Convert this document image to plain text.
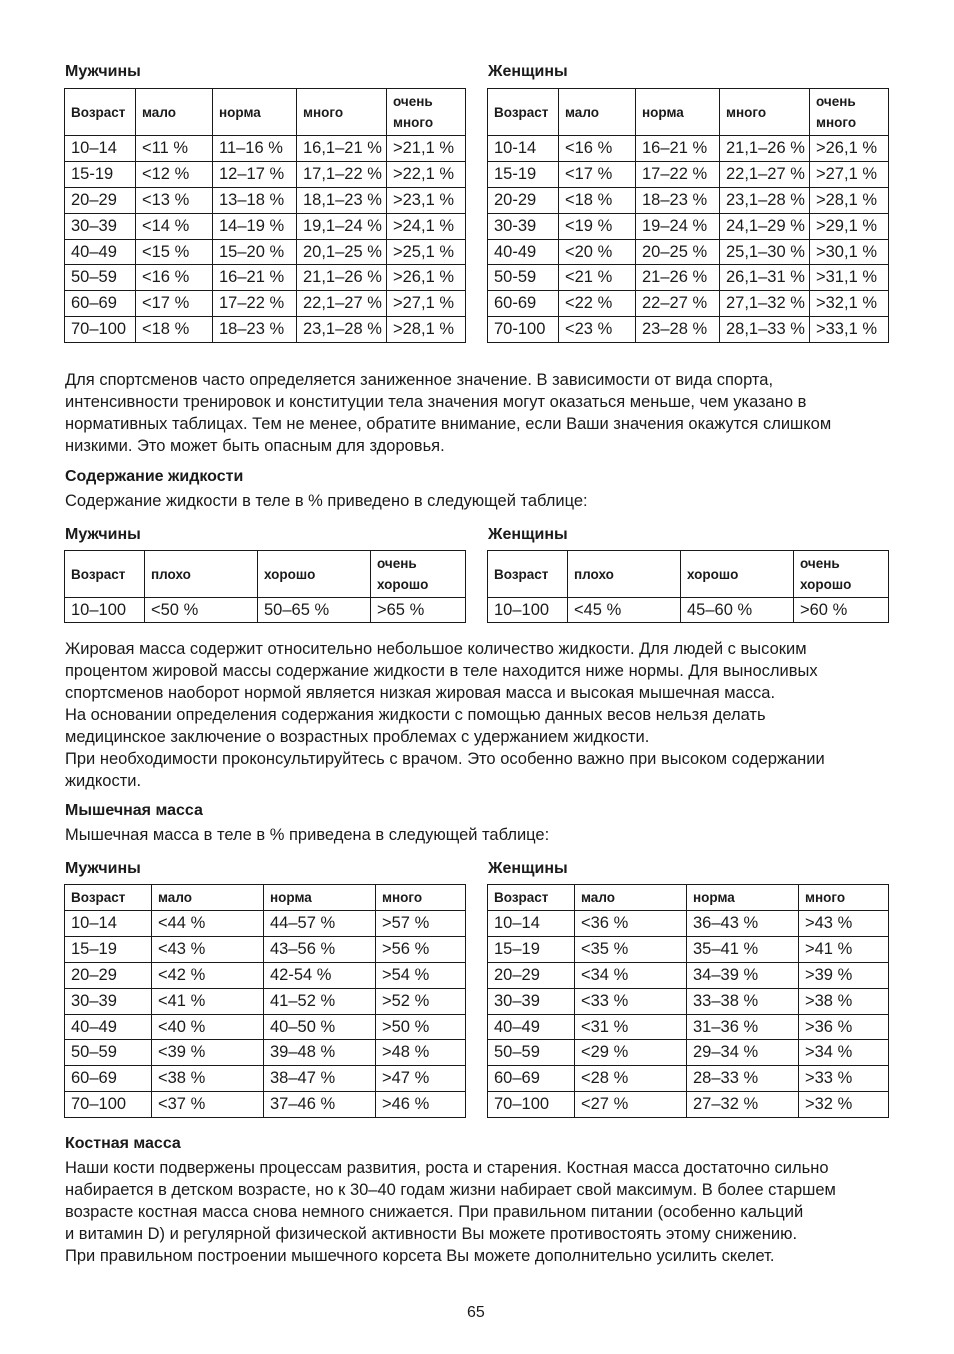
Мужчины	Женщины
Возраст	мало	норма	много	очень
много

10–14	<11 %	11–16 %	16,1–21 %	>21,1 %
15-19	<12 %	12–17 %	17,1–22 %	>22,1 %
20–29	<13 %	13–18 %	18,1–23 %	>23,1 %
30–39	<14 %	14–19 %	19,1–24 %	>24,1 %
40–49	<15 %	15–20 %	20,1–25 %	>25,1 %
50–59	<16 %	16–21 %	21,1–26 %	>26,1 %
60–69	<17 %	17–22 %	22,1–27 %	>27,1 %
70–100	<18 %	18–23 %	23,1–28 %	>28,1 %
Возраст	мало	норма	много	очень
много

10-14	<16 %	16–21 %	21,1–26 %	>26,1 %
15-19	<17 %	17–22 %	22,1–27 %	>27,1 %
20-29	<18 %	18–23 %	23,1–28 %	>28,1 %
30-39	<19 %	19–24 %	24,1–29 %	>29,1 %
40-49	<20 %	20–25 %	25,1–30 %	>30,1 %
50-59	<21 %	21–26 %	26,1–31 %	>31,1 %
60-69	<22 %	22–27 %	27,1–32 %	>32,1 %
70-100	<23 %	23–28 %	28,1–33 %	>33,1 %
Для спортсменов часто определяется заниженное значение. В зависимости от вида спорта,
интенсивности тренировок и конституции тела значения могут оказаться меньше, чем указано в
нормативных таблицах. Тем не менее, обратите внимание, если Ваши значения окажутся слишком
низкими. Это может быть опасным для здоровья.
Содержание жидкости
Содержание жидкости в теле в % приведено в следующей таблице:
Мужчины	Женщины
Возраст	плохо	хорошо	очень
хорошо

10–100	<50 %	50–65 %	>65 %
Возраст	плохо	хорошо	очень
хорошо

10–100	<45 %	45–60 %	>60 %
Жировая масса содержит относительно небольшое количество жидкости. Для людей с высоким
процентом жировой массы содержание жидкости в теле находится ниже нормы. Для выносливых
спортсменов наоборот нормой является низкая жировая масса и высокая мышечная масса.
На основании определения содержания жидкости с помощью данных весов нельзя делать
медицинское заключение о возрастных проблемах с удержанием жидкости.
При необходимости проконсультируйтесь с врачом. Это особенно важно при высоком содержании
жидкости.
Мышечная масса
Мышечная масса в теле в % приведена в следующей таблице:
Мужчины	Женщины
Возраст	мало	норма	много
10–14	<44 %	44–57 %	>57 %
15–19	<43 %	43–56 %	>56 %
20–29	<42 %	42-54 %	>54 %
30–39	<41 %	41–52 %	>52 %
40–49	<40 %	40–50 %	>50 %
50–59	<39 %	39–48 %	>48 %
60–69	<38 %	38–47 %	>47 %
70–100	<37 %	37–46 %	>46 %
Возраст	мало	норма	много
10–14	<36 %	36–43 %	>43 %
15–19	<35 %	35–41 %	>41 %
20–29	<34 %	34–39 %	>39 %
30–39	<33 %	33–38 %	>38 %
40–49	<31 %	31–36 %	>36 %
50–59	<29 %	29–34 %	>34 %
60–69	<28 %	28–33 %	>33 %
70–100	<27 %	27–32 %	>32 %
Костная масса
Наши кости подвержены процессам развития, роста и старения. Костная масса достаточно сильно
набирается в детском возрасте, но к 30–40 годам жизни набирает свой максимум. В более старшем
возрасте костная масса снова немного снижается. При правильном питании (особенно кальций
и витамин D) и регулярной физической активности Вы можете противостоять этому снижению.
При правильном построении мышечного корсета Вы можете дополнительно усилить скелет.
65
